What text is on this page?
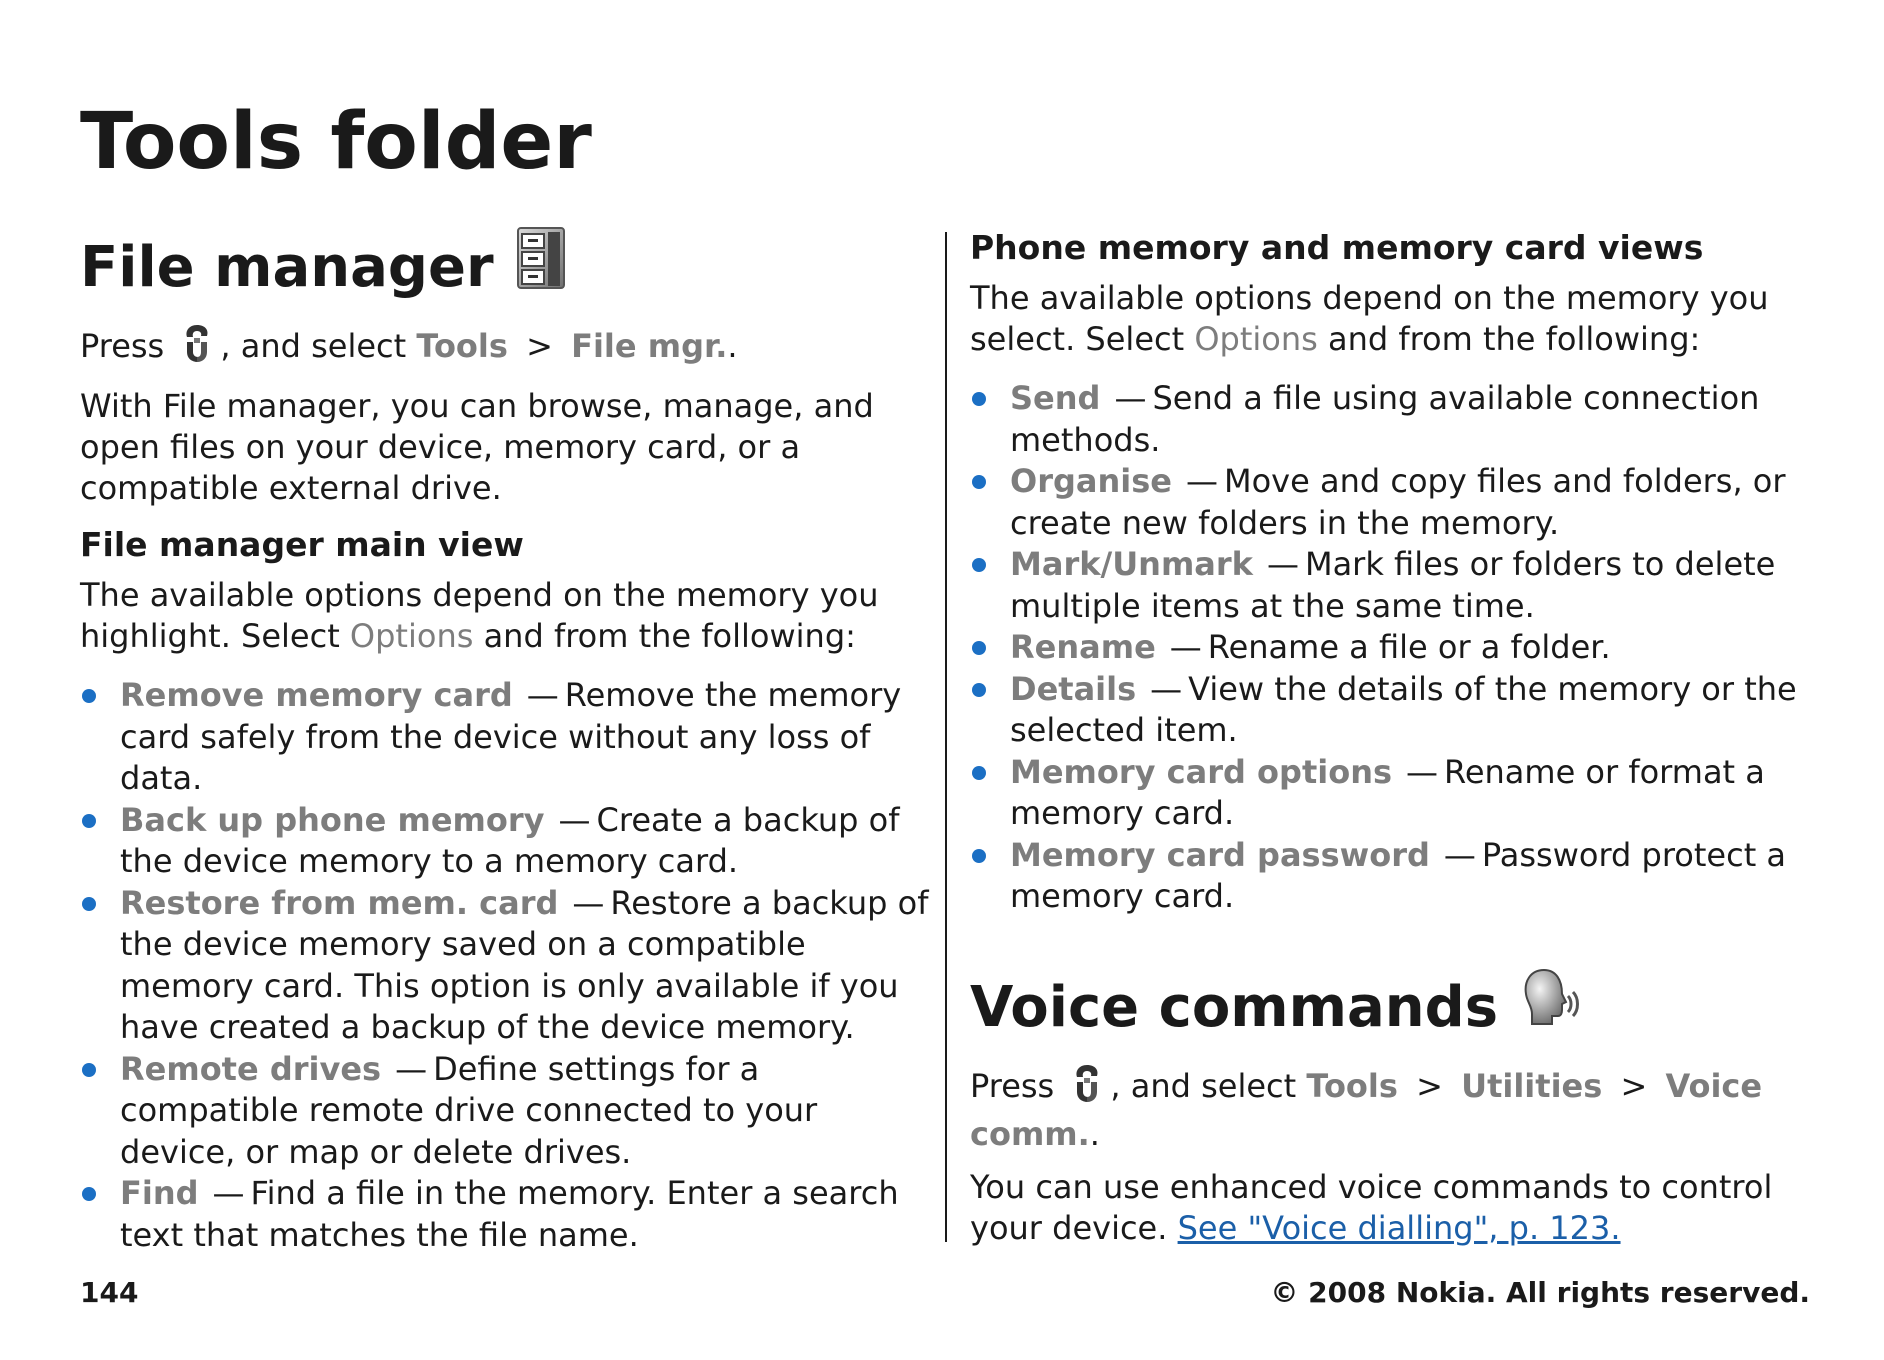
Tools folder
File manager

Press , and select Tools > File mgr..

With File manager, you can browse, manage, and open files on your device, memory card, or a compatible external drive.

File manager main view

The available options depend on the memory you highlight. Select Options and from the following:

Remove memory card — Remove the memory card safely from the device without any loss of data.
Back up phone memory — Create a backup of the device memory to a memory card.
Restore from mem. card — Restore a backup of the device memory saved on a compatible memory card. This option is only available if you have created a backup of the device memory.
Remote drives — Define settings for a compatible remote drive connected to your device, or map or delete drives.
Find — Find a file in the memory. Enter a search text that matches the file name.
Phone memory and memory card views

The available options depend on the memory you select. Select Options and from the following:

Send — Send a file using available connection methods.
Organise — Move and copy files and folders, or create new folders in the memory.
Mark/Unmark — Mark files or folders to delete multiple items at the same time.
Rename — Rename a file or a folder.
Details — View the details of the memory or the selected item.
Memory card options — Rename or format a memory card.
Memory card password — Password protect a memory card.
Voice commands

Press , and select Tools > Utilities > Voice comm..

You can use enhanced voice commands to control your device. See "Voice dialling", p. 123.

144	© 2008 Nokia. All rights reserved.
